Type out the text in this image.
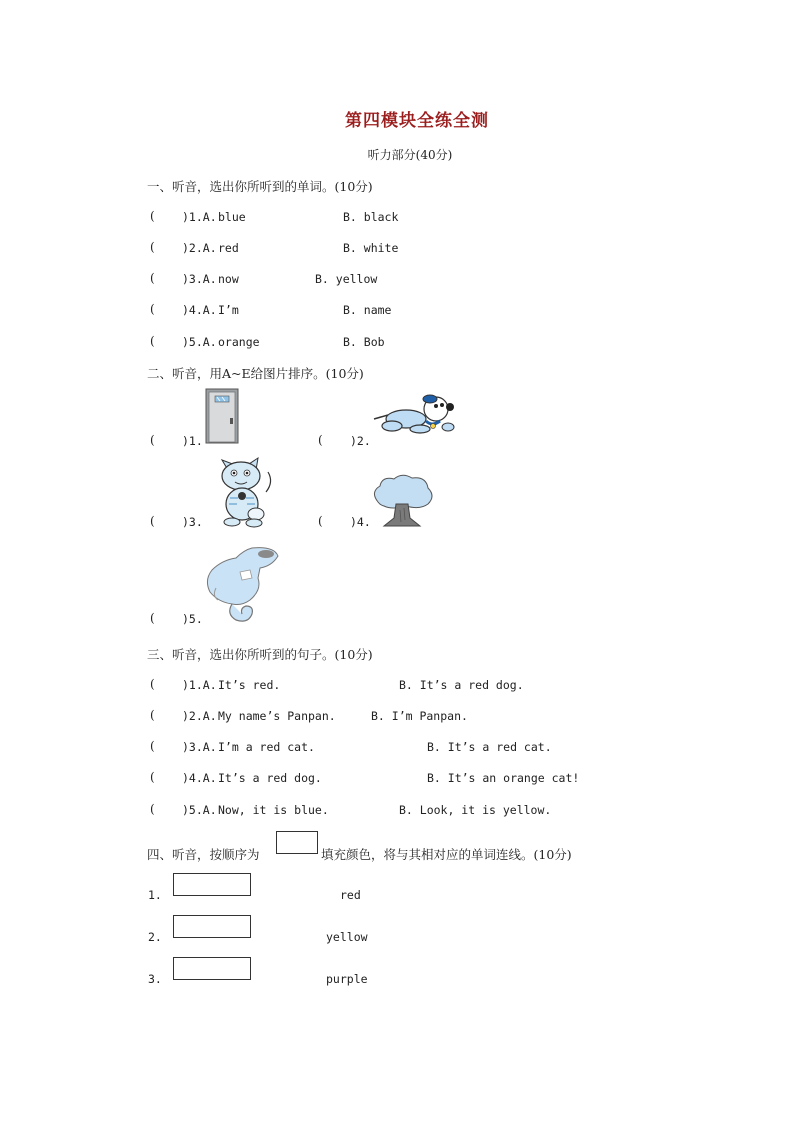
第四模块全练全测
听力部分(40分)
一、听音，选出你所听到的单词。(10分)
( )1.A. blue	B. black
( )2.A. red	B. white
( )3.A. now	B. yellow
( )4.A. I’m	B. name
( )5.A. orange	B. Bob
二、听音，用A~E给图片排序。(10分)
( )1.	( )2.
( )3.	( )4.
( )5.
三、听音，选出你所听到的句子。(10分)
( )1.A. It’s red.	B. It’s a red dog.
( )2.A. My name’s Panpan.	B. I’m Panpan.
( )3.A. I’m a red cat.	B. It’s a red cat.
( )4.A. It’s a red dog.	B. It’s an orange cat!
( )5.A. Now, it is blue.	B. Look, it is yellow.
四、听音，按顺序为	填充颜色，将与其相对应的单词连线。(10分)
1.	red
2.	yellow
3.	purple
